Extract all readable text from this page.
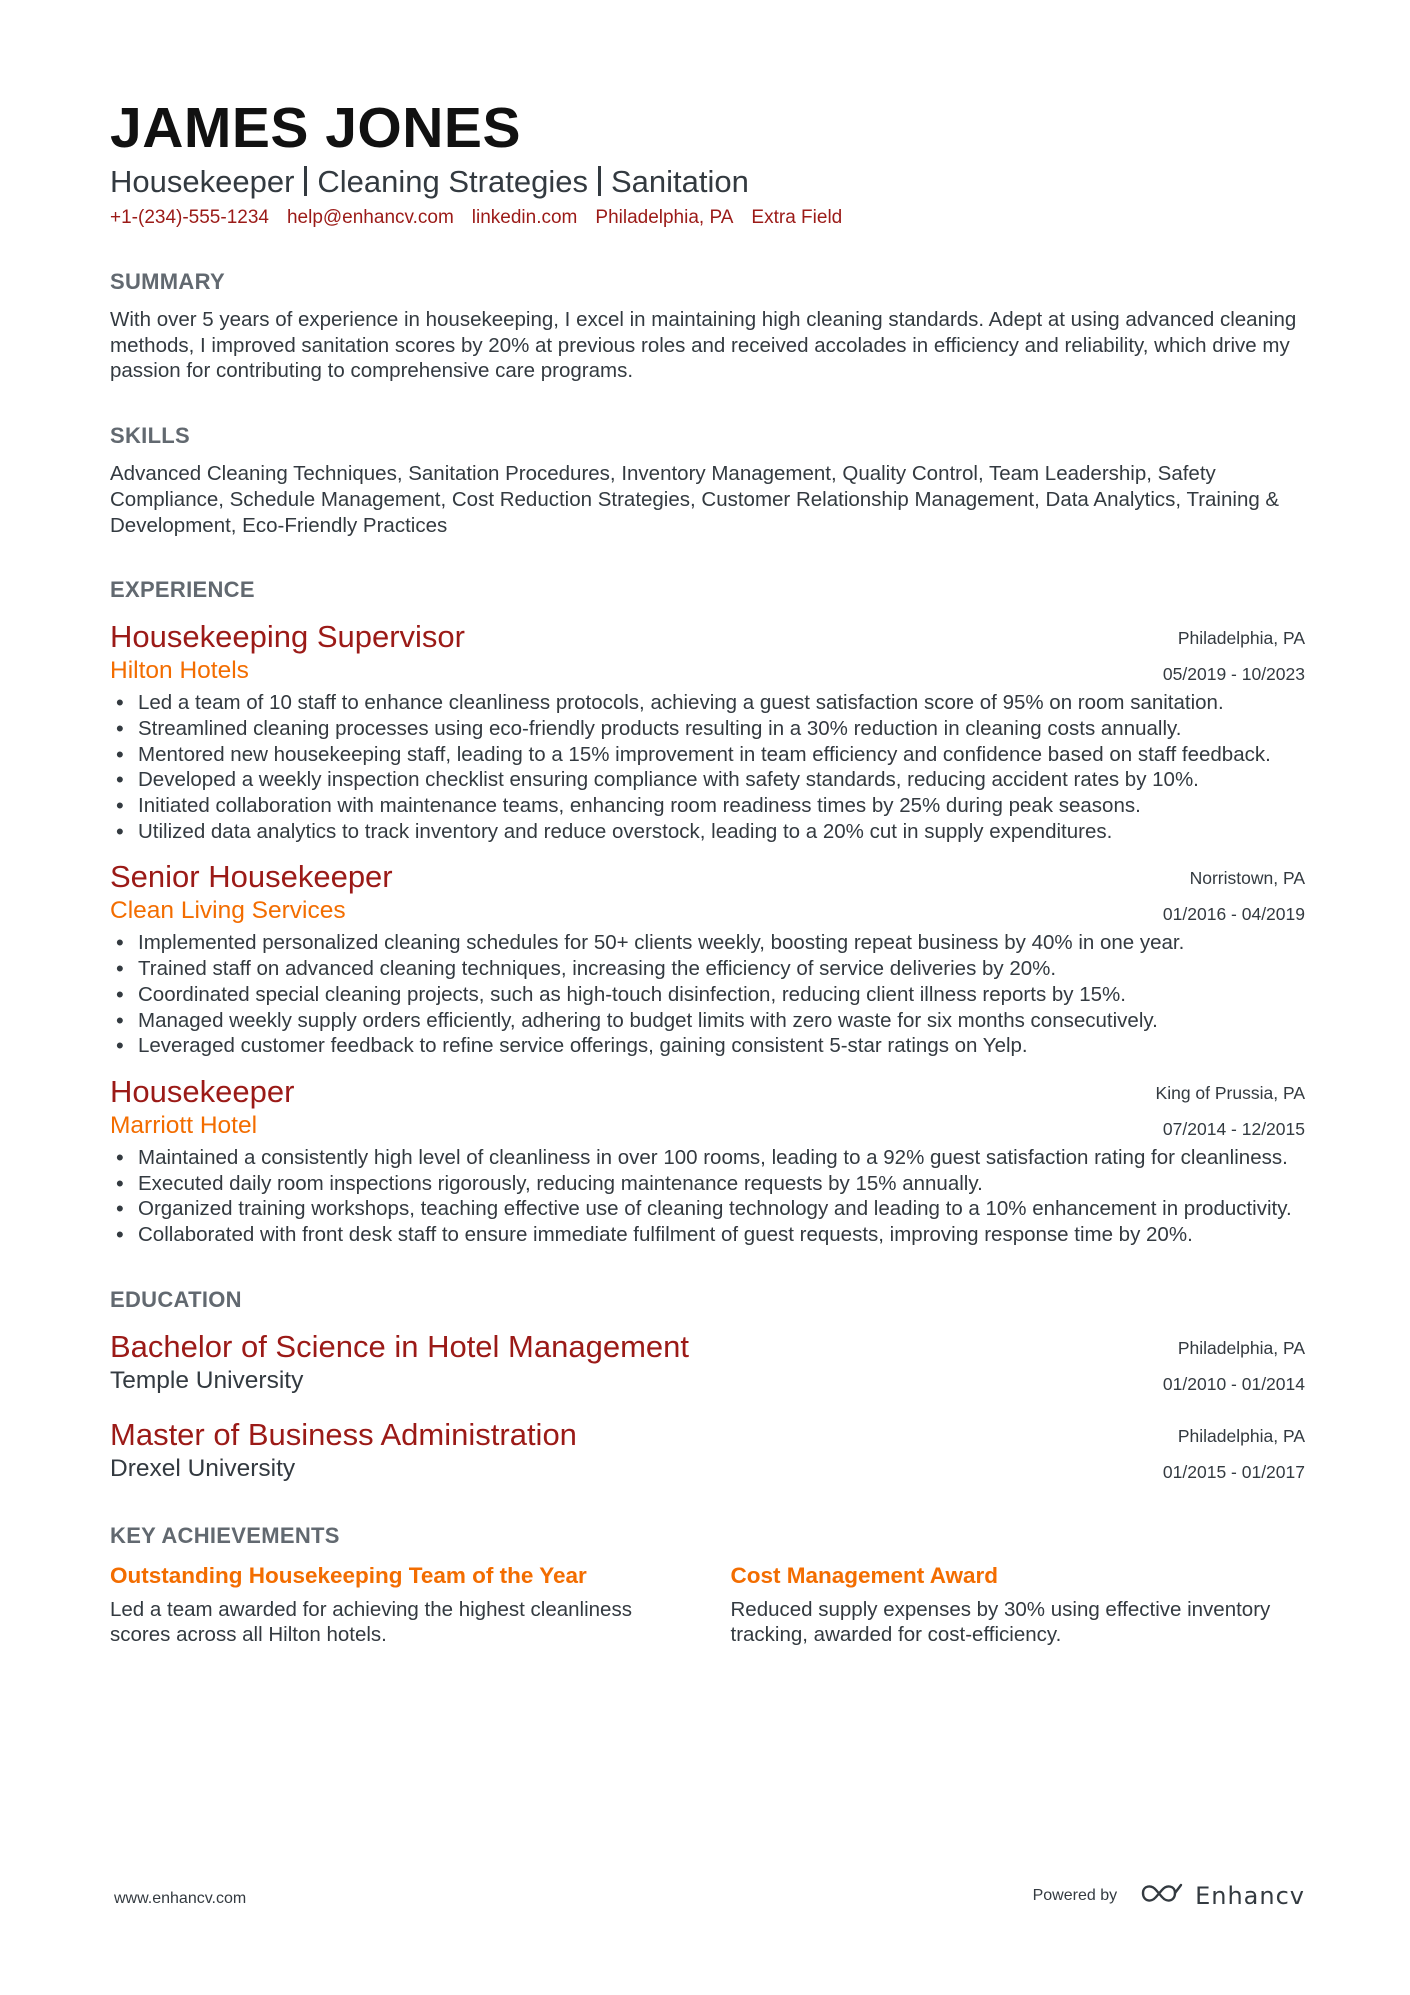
JAMES JONES
Housekeeper Cleaning Strategies Sanitation
+1-(234)-555-1234 help@enhancv.com linkedin.com Philadelphia, PA Extra Field
SUMMARY
With over 5 years of experience in housekeeping, I excel in maintaining high cleaning standards. Adept at using advanced cleaning methods, I improved sanitation scores by 20% at previous roles and received accolades in efficiency and reliability, which drive my passion for contributing to comprehensive care programs.
SKILLS
Advanced Cleaning Techniques, Sanitation Procedures, Inventory Management, Quality Control, Team Leadership, Safety Compliance, Schedule Management, Cost Reduction Strategies, Customer Relationship Management, Data Analytics, Training & Development, Eco-Friendly Practices
EXPERIENCE
Housekeeping Supervisor
Hilton Hotels
Philadelphia, PA
05/2019 - 10/2023
• Led a team of 10 staff to enhance cleanliness protocols, achieving a guest satisfaction score of 95% on room sanitation.
• Streamlined cleaning processes using eco-friendly products resulting in a 30% reduction in cleaning costs annually.
• Mentored new housekeeping staff, leading to a 15% improvement in team efficiency and confidence based on staff feedback.
• Developed a weekly inspection checklist ensuring compliance with safety standards, reducing accident rates by 10%.
• Initiated collaboration with maintenance teams, enhancing room readiness times by 25% during peak seasons.
• Utilized data analytics to track inventory and reduce overstock, leading to a 20% cut in supply expenditures.
Senior Housekeeper
Clean Living Services
Norristown, PA
01/2016 - 04/2019
• Implemented personalized cleaning schedules for 50+ clients weekly, boosting repeat business by 40% in one year.
• Trained staff on advanced cleaning techniques, increasing the efficiency of service deliveries by 20%.
• Coordinated special cleaning projects, such as high-touch disinfection, reducing client illness reports by 15%.
• Managed weekly supply orders efficiently, adhering to budget limits with zero waste for six months consecutively.
• Leveraged customer feedback to refine service offerings, gaining consistent 5-star ratings on Yelp.
Housekeeper
Marriott Hotel
King of Prussia, PA
07/2014 - 12/2015
• Maintained a consistently high level of cleanliness in over 100 rooms, leading to a 92% guest satisfaction rating for cleanliness.
• Executed daily room inspections rigorously, reducing maintenance requests by 15% annually.
• Organized training workshops, teaching effective use of cleaning technology and leading to a 10% enhancement in productivity.
• Collaborated with front desk staff to ensure immediate fulfilment of guest requests, improving response time by 20%.
EDUCATION
Bachelor of Science in Hotel Management
Temple University
Philadelphia, PA
01/2010 - 01/2014
Master of Business Administration
Drexel University
Philadelphia, PA
01/2015 - 01/2017
KEY ACHIEVEMENTS
Outstanding Housekeeping Team of the Year
Led a team awarded for achieving the highest cleanliness scores across all Hilton hotels.
Cost Management Award
Reduced supply expenses by 30% using effective inventory tracking, awarded for cost-efficiency.
www.enhancv.com	Powered by	Enhancv
